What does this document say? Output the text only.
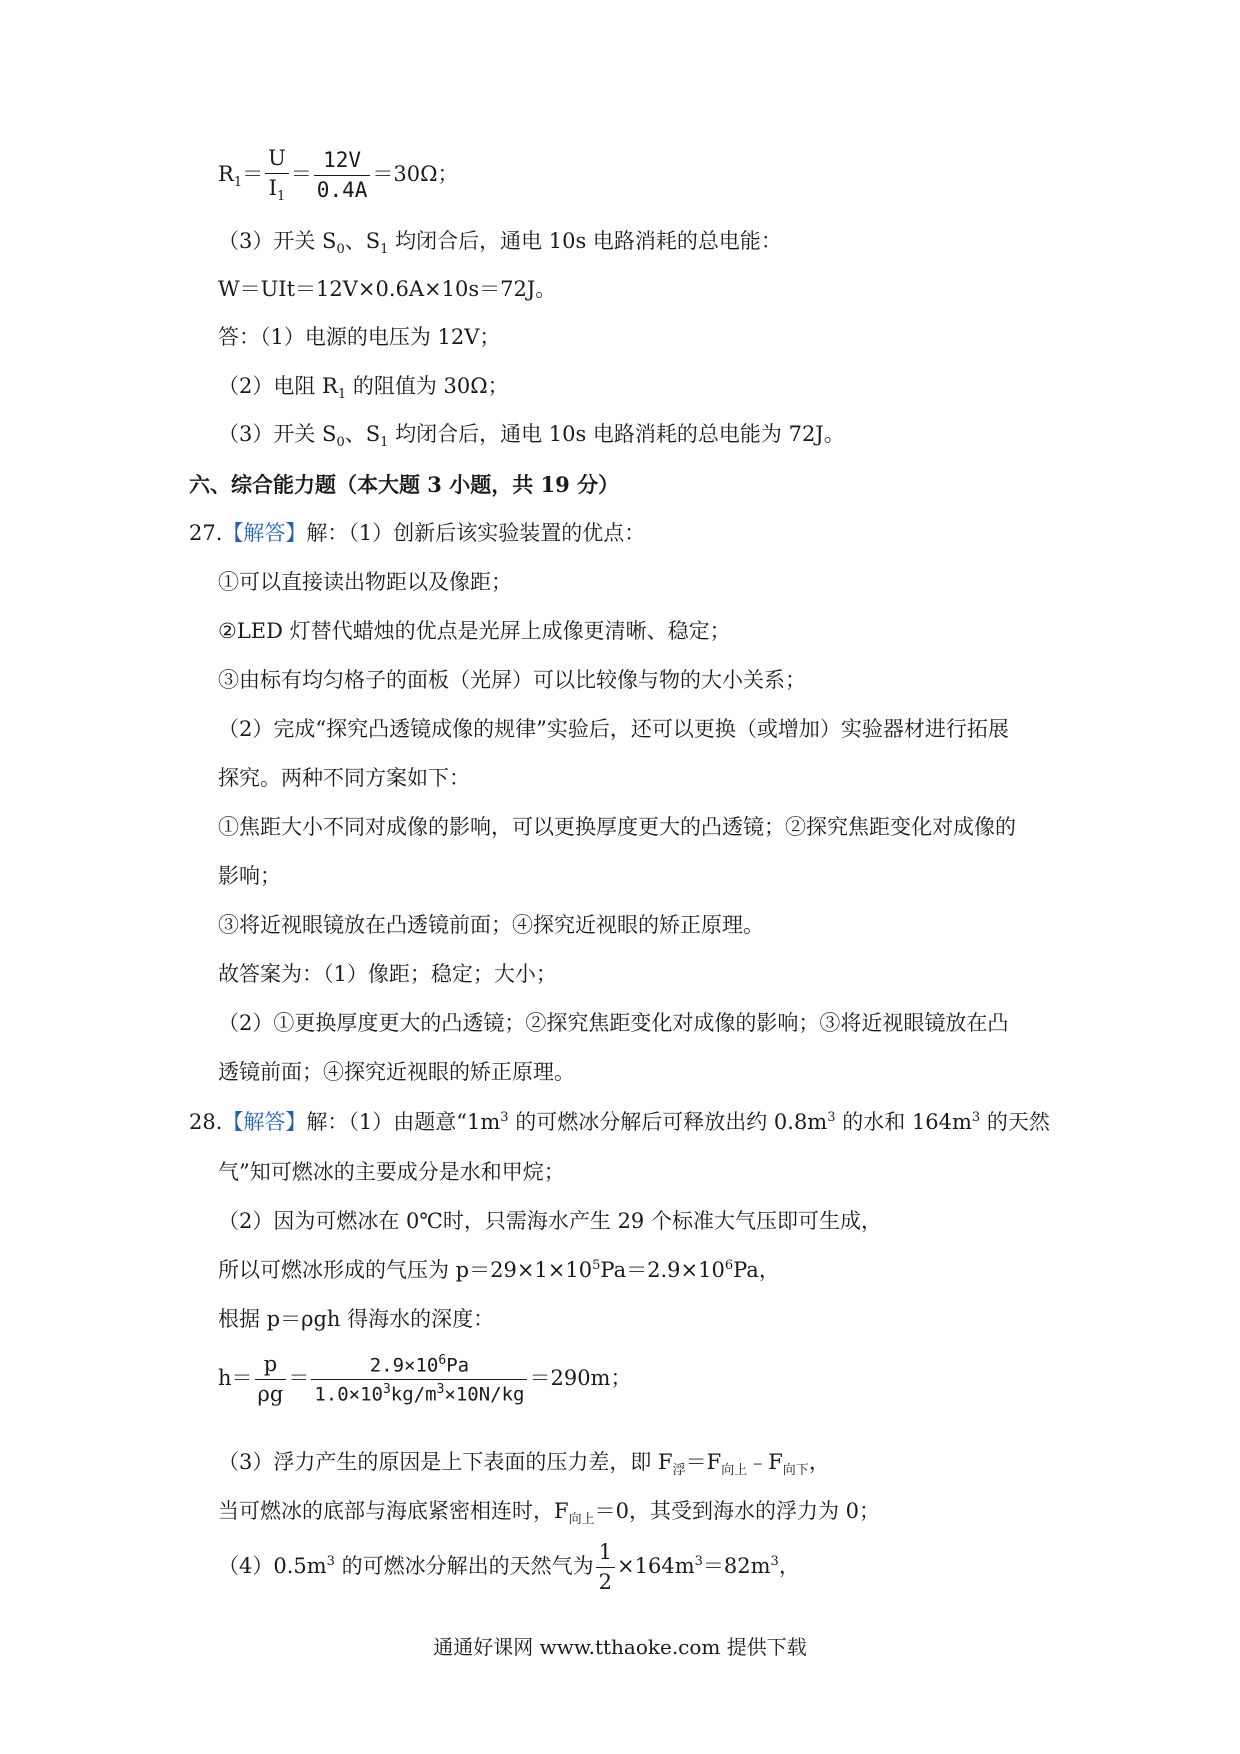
$R_1= \frac{U}{I_1} = \frac{12V}{0.4A} =30\Omega$；
（3）开关 $S_0$、$S_1$ 均闭合后，通电 10s 电路消耗的总电能：
W＝UIt＝12V×0.6A×10s＝72J。
答：（1）电源的电压为 12V；
（2）电阻 $R_1$ 的阻值为 30Ω；
（3）开关 $S_0$、$S_1$ 均闭合后，通电 10s 电路消耗的总电能为 72J。
六、综合能力题（本大题 3 小题，共 19 分）
27.【解答】解：（1）创新后该实验装置的优点：
①可以直接读出物距以及像距；
②LED 灯替代蜡烛的优点是光屏上成像更清晰、稳定；
③由标有均匀格子的面板（光屏）可以比较像与物的大小关系；
（2）完成“探究凸透镜成像的规律”实验后，还可以更换（或增加）实验器材进行拓展
探究。两种不同方案如下：
①焦距大小不同对成像的影响，可以更换厚度更大的凸透镜；②探究焦距变化对成像的
影响；
③将近视眼镜放在凸透镜前面；④探究近视眼的矫正原理。
故答案为：（1）像距；稳定；大小；
（2）①更换厚度更大的凸透镜；②探究焦距变化对成像的影响；③将近视眼镜放在凸
透镜前面；④探究近视眼的矫正原理。
28.【解答】解：（1）由题意“$1m^3$ 的可燃冰分解后可释放出约 $0.8m^3$ 的水和 $164m^3$ 的天然
气”知可燃冰的主要成分是水和甲烷；
（2）因为可燃冰在 0℃时，只需海水产生 29 个标准大气压即可生成，
所以可燃冰形成的气压为 $p=29\times 1\times 10^5Pa=2.9\times 10^6Pa$，
根据 p＝ρgh 得海水的深度：
$h= \frac{p}{\rho g} = \frac{2.9\times 10^6Pa}{1.0\times 10^3kg/m^3\times 10N/kg} =290m$；
（3）浮力产生的原因是上下表面的压力差，即 $F_浮=F_{向上}﹣F_{向下}$，
当可燃冰的底部与海底紧密相连时，$F_{向上}=0$，其受到海水的浮力为 0；
$(4)0.5m^3$ 的可燃冰分解出的天然气为 $\frac{1}{2} \times 164m^3=82m^3$，
通通好课网 www.tthaoke.com 提供下载
